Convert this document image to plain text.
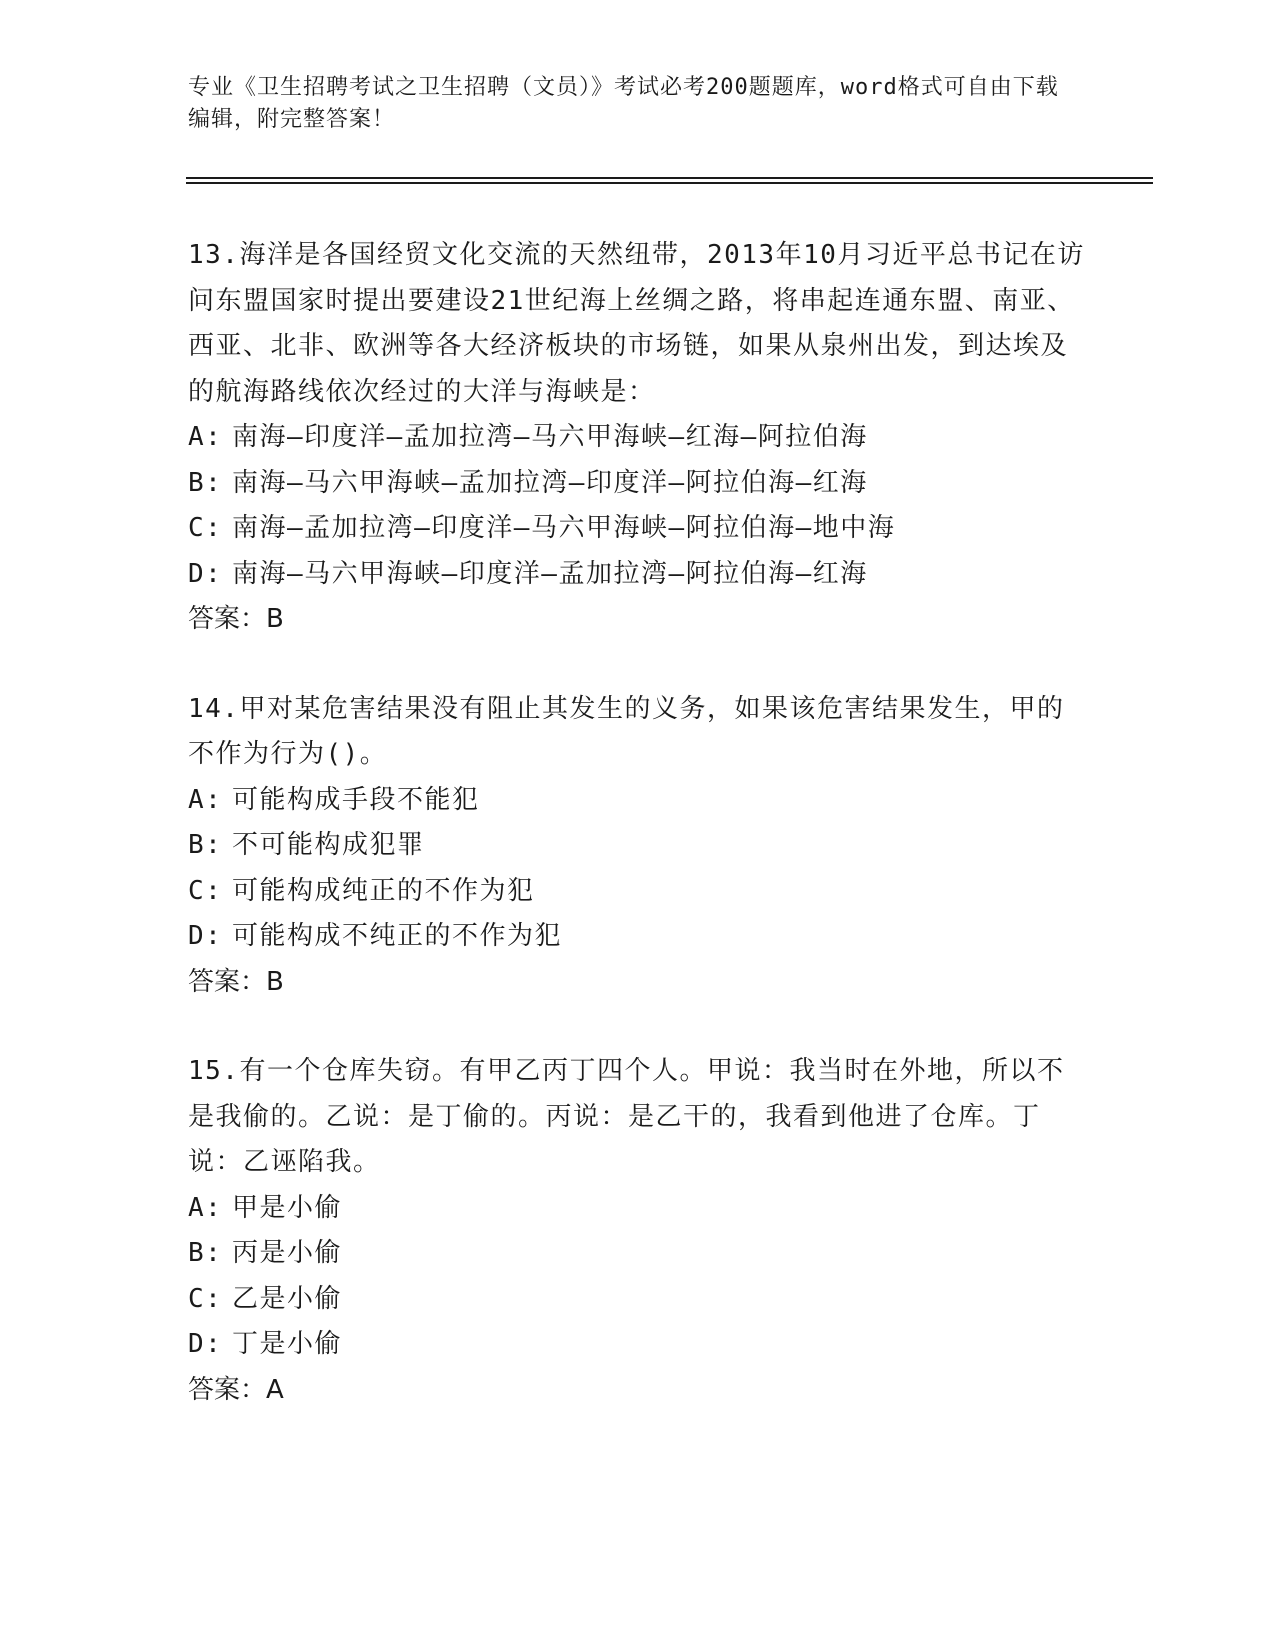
专业《卫生招聘考试之卫生招聘（文员）》考试必考200题题库，word格式可自由下载编辑，附完整答案！

13.海洋是各国经贸文化交流的天然纽带，2013年10月习近平总书记在访问东盟国家时提出要建设21世纪海上丝绸之路，将串起连通东盟、南亚、西亚、北非、欧洲等各大经济板块的市场链，如果从泉州出发，到达埃及的航海路线依次经过的大洋与海峡是：

A: 南海—印度洋—孟加拉湾—马六甲海峡—红海—阿拉伯海

B: 南海—马六甲海峡—孟加拉湾—印度洋—阿拉伯海—红海

C: 南海—孟加拉湾—印度洋—马六甲海峡—阿拉伯海—地中海

D: 南海—马六甲海峡—印度洋—孟加拉湾—阿拉伯海—红海

答案：B

14.甲对某危害结果没有阻止其发生的义务，如果该危害结果发生，甲的不作为行为()。

A: 可能构成手段不能犯

B: 不可能构成犯罪

C: 可能构成纯正的不作为犯

D: 可能构成不纯正的不作为犯

答案：B

15.有一个仓库失窃。有甲乙丙丁四个人。甲说：我当时在外地，所以不是我偷的。乙说：是丁偷的。丙说：是乙干的，我看到他进了仓库。丁说：乙诬陷我。

A: 甲是小偷

B: 丙是小偷

C: 乙是小偷

D: 丁是小偷

答案：A
